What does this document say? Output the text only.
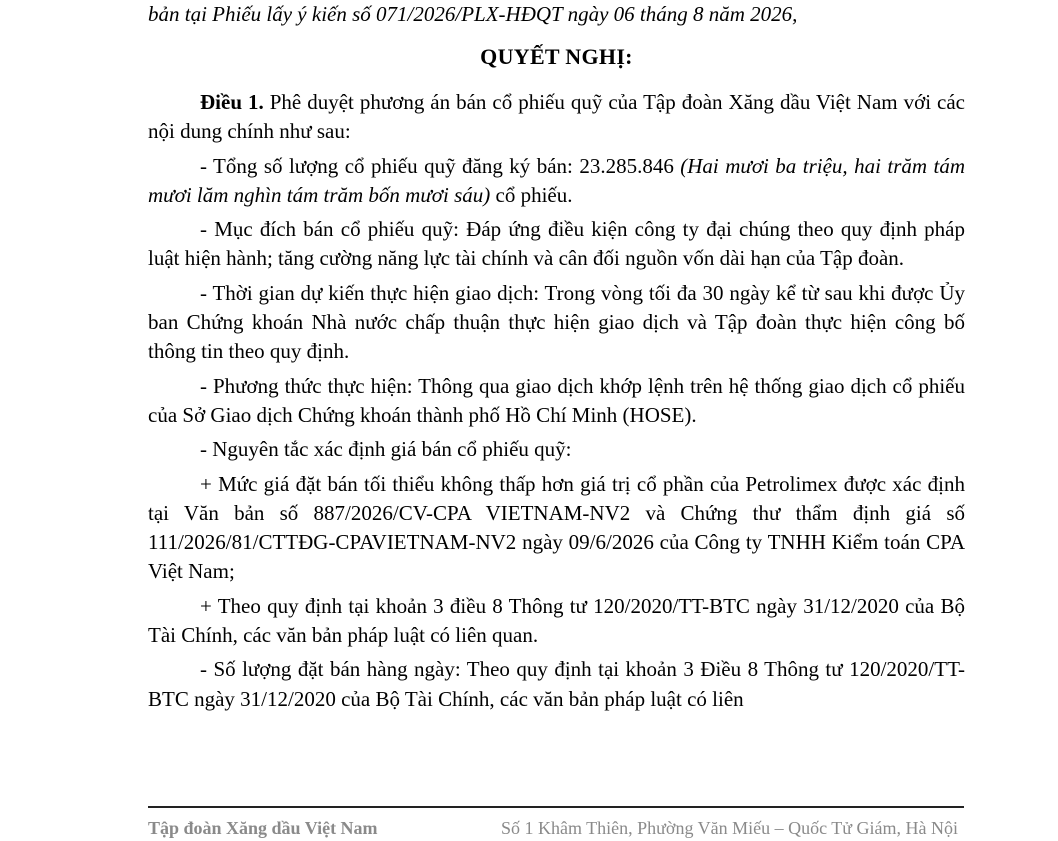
bản tại Phiếu lấy ý kiến số 071/2026/PLX-HĐQT ngày 06 tháng 8 năm 2026,
QUYẾT NGHỊ:

Điều 1. Phê duyệt phương án bán cổ phiếu quỹ của Tập đoàn Xăng dầu Việt Nam với các nội dung chính như sau:

- Tổng số lượng cổ phiếu quỹ đăng ký bán: 23.285.846 (Hai mươi ba triệu, hai trăm tám mươi lăm nghìn tám trăm bốn mươi sáu) cổ phiếu.

- Mục đích bán cổ phiếu quỹ: Đáp ứng điều kiện công ty đại chúng theo quy định pháp luật hiện hành; tăng cường năng lực tài chính và cân đối nguồn vốn dài hạn của Tập đoàn.

- Thời gian dự kiến thực hiện giao dịch: Trong vòng tối đa 30 ngày kể từ sau khi được Ủy ban Chứng khoán Nhà nước chấp thuận thực hiện giao dịch và Tập đoàn thực hiện công bố thông tin theo quy định.

- Phương thức thực hiện: Thông qua giao dịch khớp lệnh trên hệ thống giao dịch cổ phiếu của Sở Giao dịch Chứng khoán thành phố Hồ Chí Minh (HOSE).

- Nguyên tắc xác định giá bán cổ phiếu quỹ:

+ Mức giá đặt bán tối thiểu không thấp hơn giá trị cổ phần của Petrolimex được xác định tại Văn bản số 887/2026/CV-CPA VIETNAM-NV2 và Chứng thư thẩm định giá số 111/2026/81/CTTĐG-CPAVIETNAM-NV2 ngày 09/6/2026 của Công ty TNHH Kiểm toán CPA Việt Nam;

+ Theo quy định tại khoản 3 điều 8 Thông tư 120/2020/TT-BTC ngày 31/12/2020 của Bộ Tài Chính, các văn bản pháp luật có liên quan.

- Số lượng đặt bán hàng ngày: Theo quy định tại khoản 3 Điều 8 Thông tư 120/2020/TT-BTC ngày 31/12/2020 của Bộ Tài Chính, các văn bản pháp luật có liên

Tập đoàn Xăng dầu Việt Nam	Số 1 Khâm Thiên, Phường Văn Miếu – Quốc Tử Giám, Hà Nội
